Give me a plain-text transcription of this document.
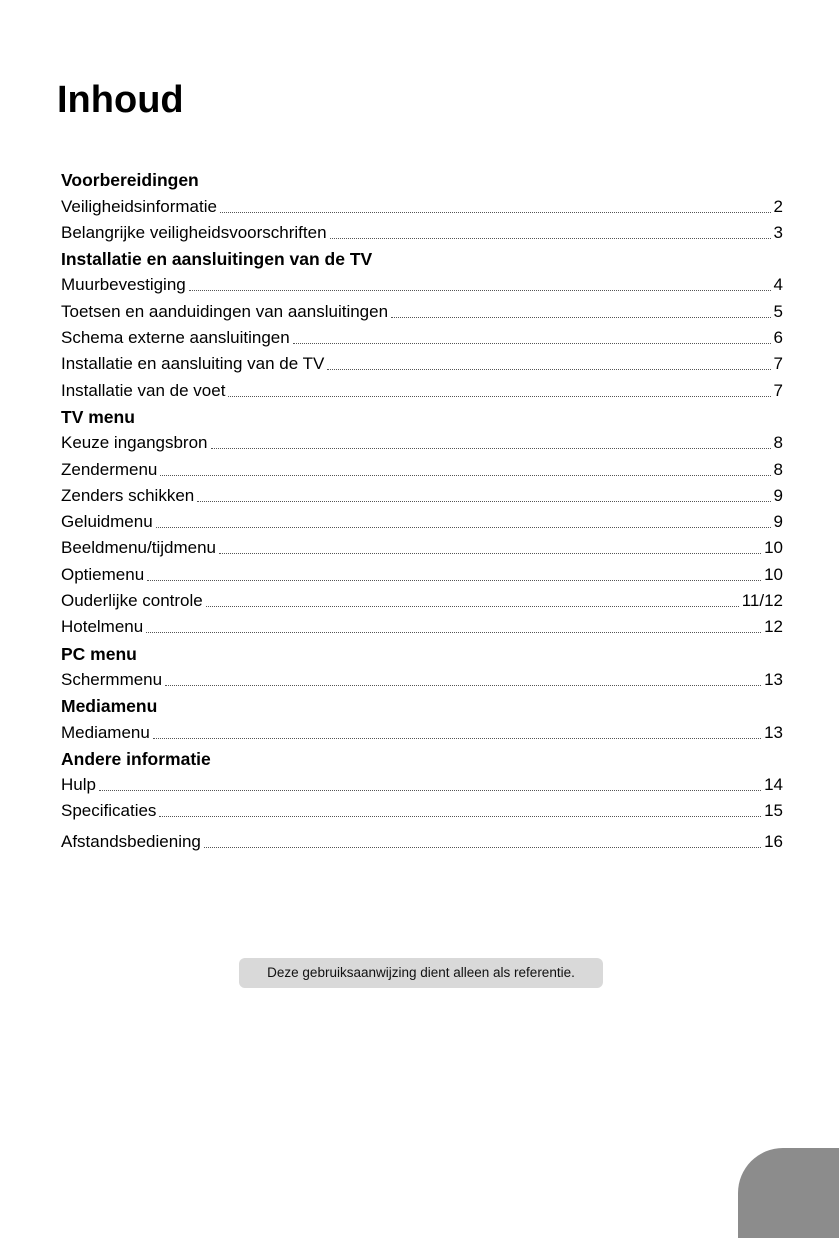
Inhoud
Voorbereidingen
Veiligheidsinformatie	2
Belangrijke veiligheidsvoorschriften	3
Installatie en aansluitingen van de TV
Muurbevestiging	4
Toetsen en aanduidingen van aansluitingen	5
Schema externe aansluitingen	6
Installatie en aansluiting van de TV	7
Installatie van de voet	7
TV menu
Keuze ingangsbron	8
Zendermenu	8
Zenders schikken	9
Geluidmenu	9
Beeldmenu/tijdmenu	10
Optiemenu	10
Ouderlijke controle	11/12
Hotelmenu	12
PC menu
Schermmenu	13
Mediamenu
Mediamenu	13
Andere informatie
Hulp	14
Specificaties	15
Afstandsbediening	16
Deze gebruiksaanwijzing dient alleen als referentie.
